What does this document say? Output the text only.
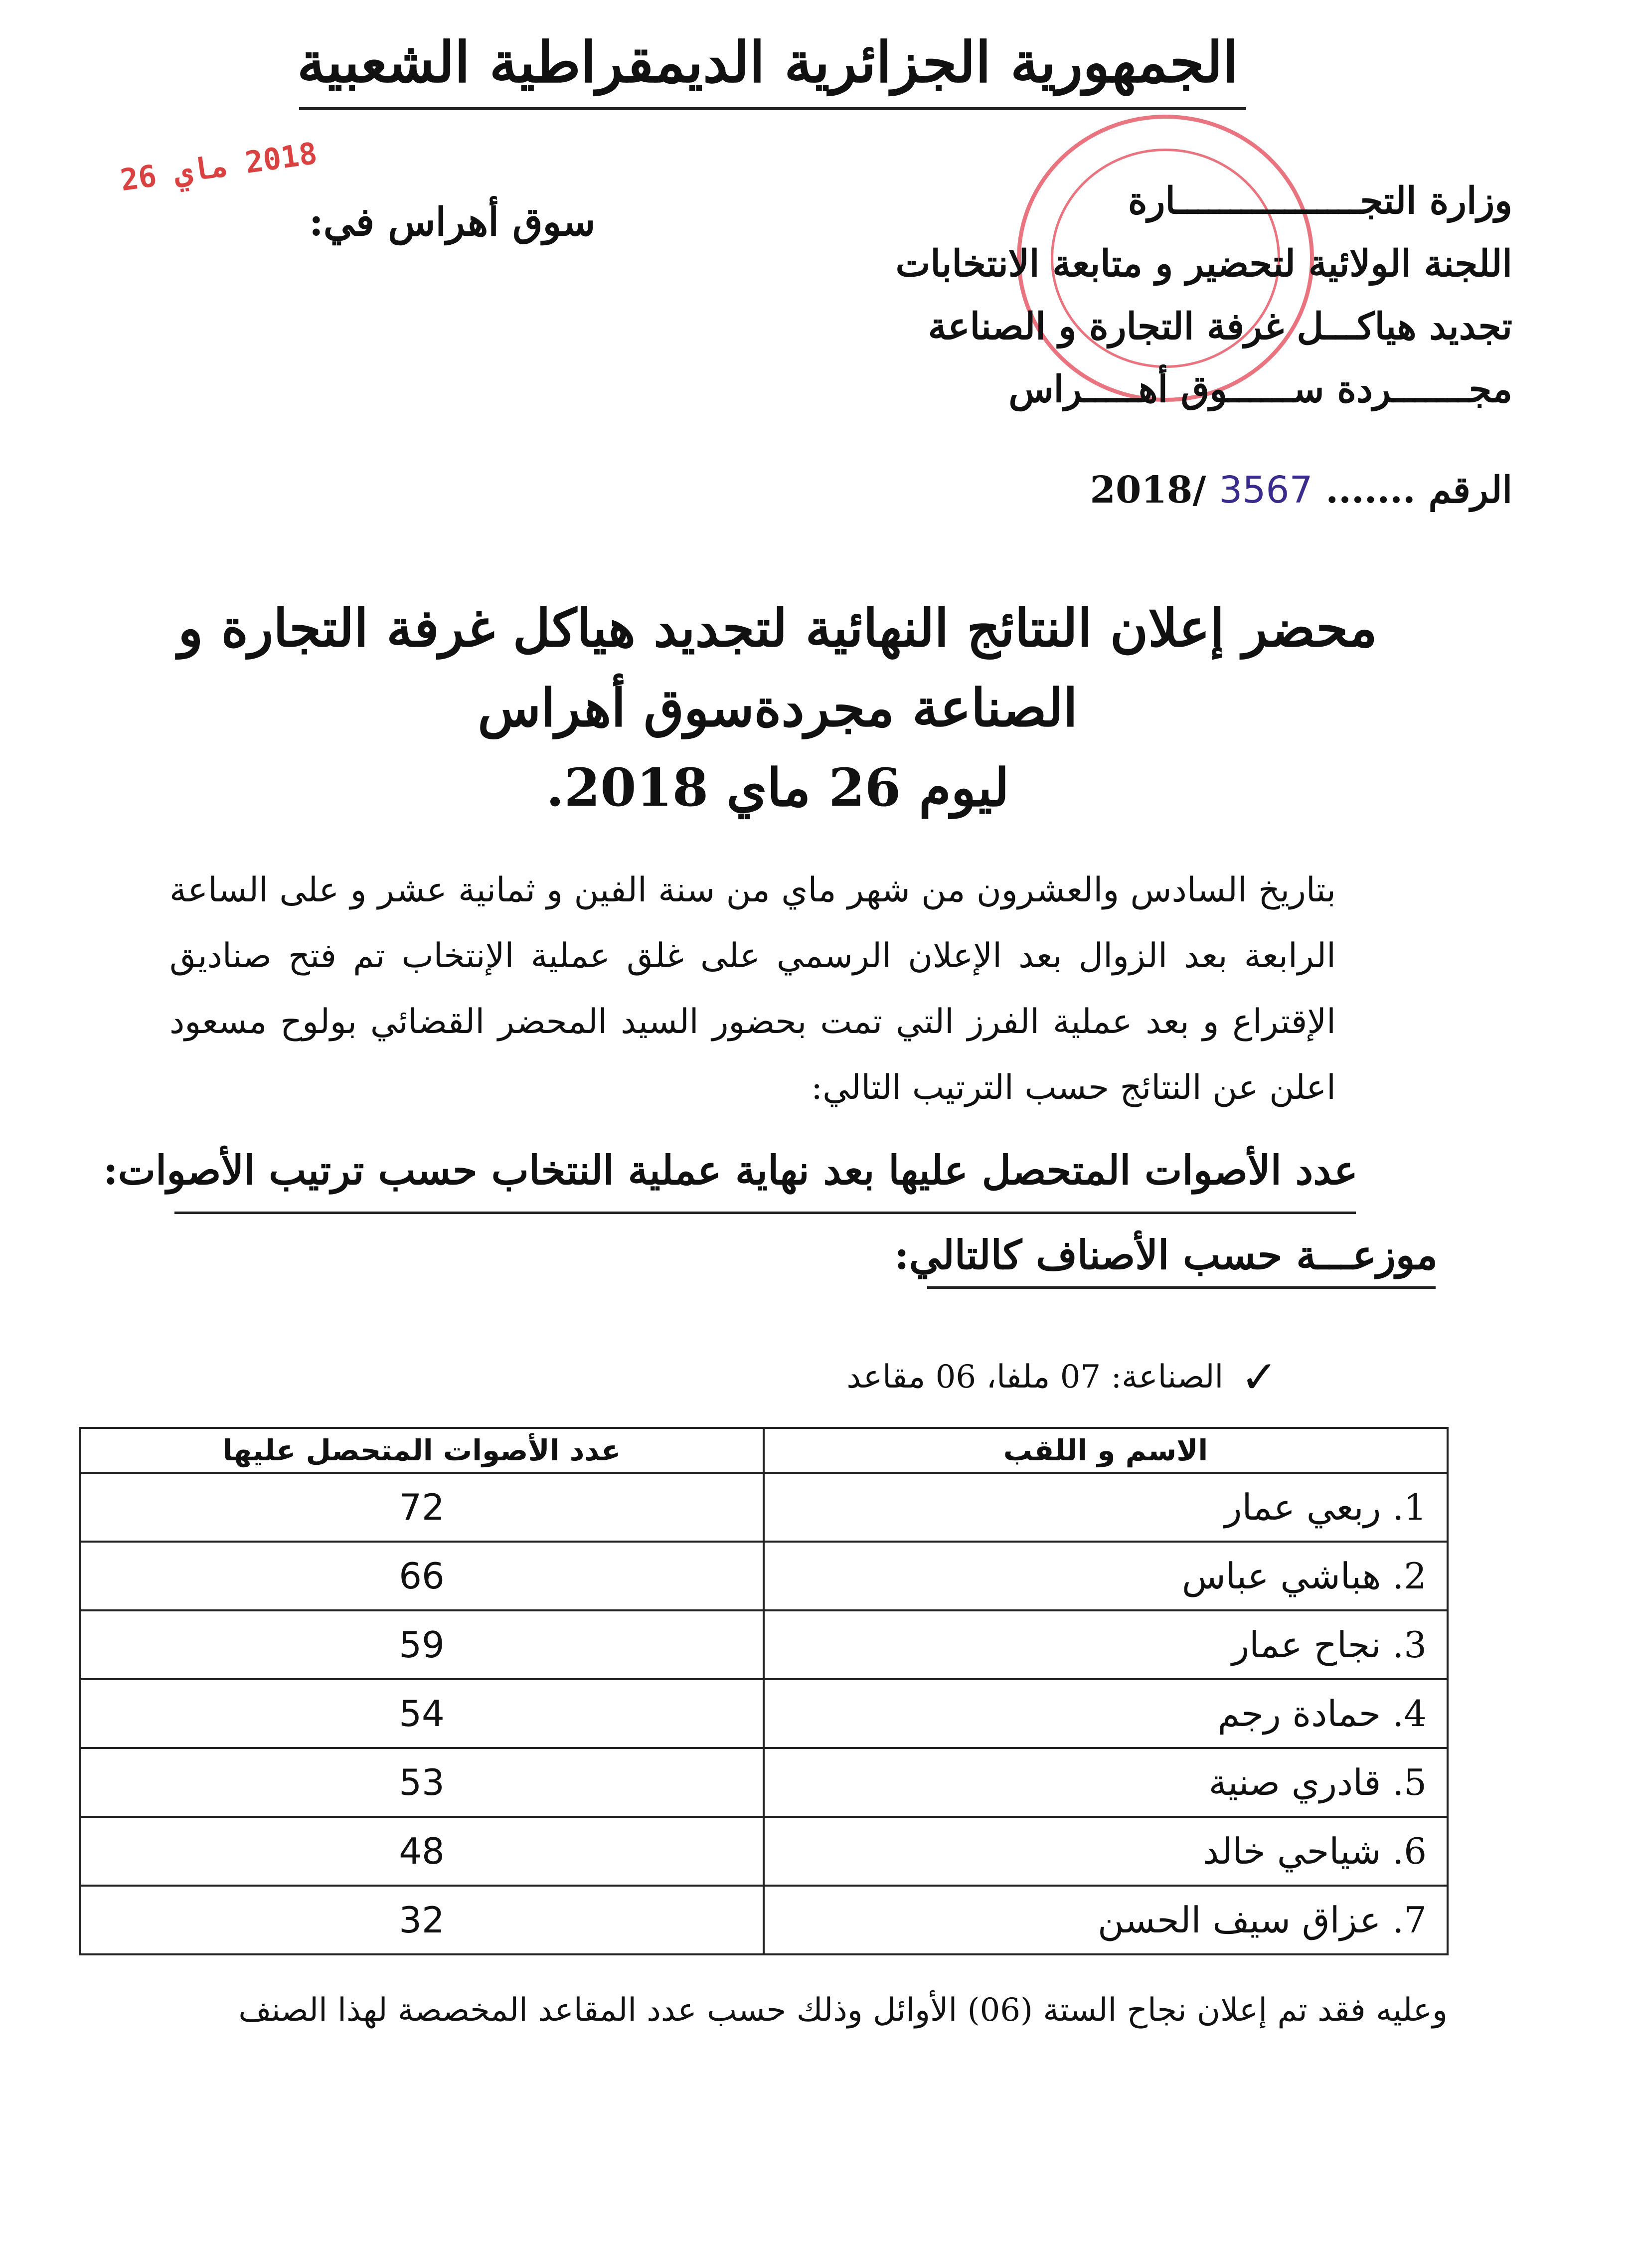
الجمهورية الجزائرية الديمقراطية الشعبية
2018 ماي 26
سوق أهراس في:	وزارة التجـــــــــــــــــارة
اللجنة الولائية لتحضير و متابعة الانتخابات
تجديد هياكـــل غرفة التجارة و الصناعة
مجـــــــردة ســــــوق أهـــــراس
الرقم ....... 3567 /2018
محضر إعلان النتائج النهائية لتجديد هياكل غرفة التجارة و الصناعة مجردةسوق أهراس
ليوم 26 ماي 2018.
بتاريخ السادس والعشرون من شهر ماي من سنة الفين و ثمانية عشر و على الساعة الرابعة بعد الزوال بعد الإعلان الرسمي على غلق عملية الإنتخاب تم فتح صناديق الإقتراع و بعد عملية الفرز التي تمت بحضور السيد المحضر القضائي بولوح مسعود اعلن عن النتائج حسب الترتيب التالي:
عدد الأصوات المتحصل عليها بعد نهاية عملية النتخاب حسب ترتيب الأصوات:
موزعـــة حسب الأصناف كالتالي:
✓ الصناعة: 07 ملفا، 06 مقاعد
الاسم و اللقب	عدد الأصوات المتحصل عليها
1. ربعي عمار	72
2. هباشي عباس	66
3. نجاح عمار	59
4. حمادة رجم	54
5. قادري صنية	53
6. شياحي خالد	48
7. عزاق سيف الحسن	32
وعليه فقد تم إعلان نجاح الستة (06) الأوائل وذلك حسب عدد المقاعد المخصصة لهذا الصنف
